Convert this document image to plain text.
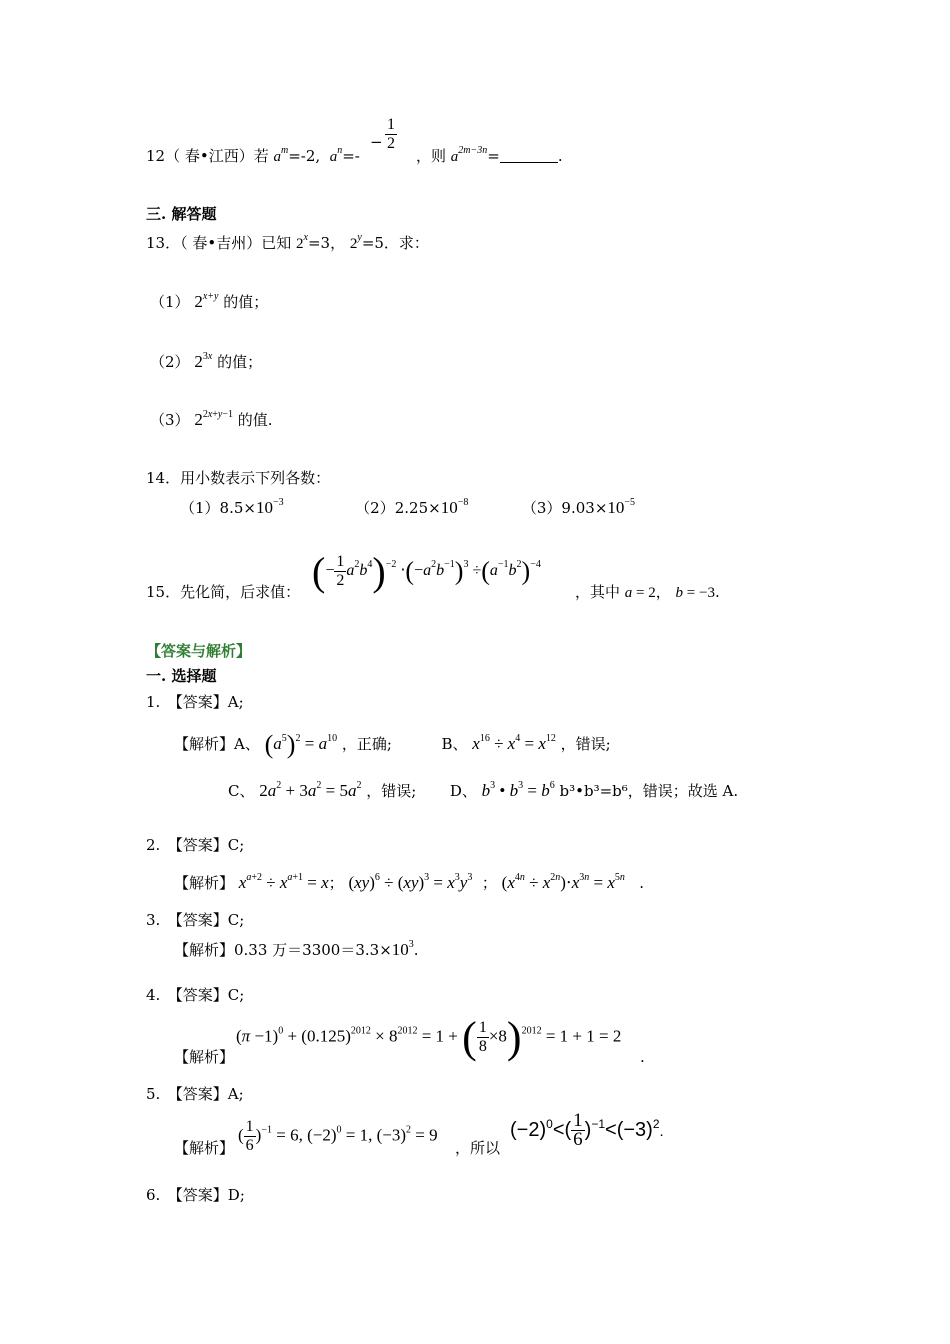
12（ 春•江西）若 $a^m=-2$, $a^n=-$
$\frac{1}{2}$
−
，则 $a^{2m-3n}=$	.
三. 解答题
13．（ 春•吉州）已知 $2^x=3$， $2^y=5$．求：
（1） $2^{x+y}$ 的值；
（2） $2^{3x}$ 的值；
（3） $2^{2x+y-1}$ 的值.
14．用小数表示下列各数：
$(1)8.5\times 10^{-3}$	$(2)2.25\times 10^{-8}$	$(3)9.03\times 10^{-5}$
15．先化简，后求值： (− $\frac{1}{2} a^2b^4)^{-2} \cdot(-a^2b^{-1})^3 \div(a^{-1}b^2)^{-4}$
，其中 a = 2， b = −3.
【答案与解析】
一. 选择题
1.　【答案】A;
【解析】A、 $(a^5)^2 = a^{10}$ ，正确;	B、 $x^{16} \div x^4 = x^{12}$ ，错误;
C、 $2a^2 + 3a^2 = 5a^2$ ，错误; D、 $b^3$ • $b^3 = b^6$ b³•b³=b⁶，错误；故选 A.
2.　【答案】C;
【解析】 $x^{a+2} \div x^{a+1} = x$； $(xy)^6 \div (xy)^3 = x^3y^3$  ； $(x^{4n} \div x^{2n})\cdot x^{3n} = x^{5n}$   .
3.　【答案】C;
【解析】0.33 万$=3300=3.3\times 10^3$.
4.　【答案】C;
$(\pi -1)^0 + (0.125)^{2012} \times 8^{2012} = 1$ + ( $\frac{1}{8} \times 8)^{2012} = 1 + 1 = 2$
【解析】	.
5.　【答案】A;
( $\frac{1}{6} )^{-1} = 6$, $(-2)^0 = 1$, $(-3)^2 = 9$
【解析】	，所以
$(-2)^0<( \frac{1}{6} )^{-1}<(-3)^2$.
6.　【答案】D;
